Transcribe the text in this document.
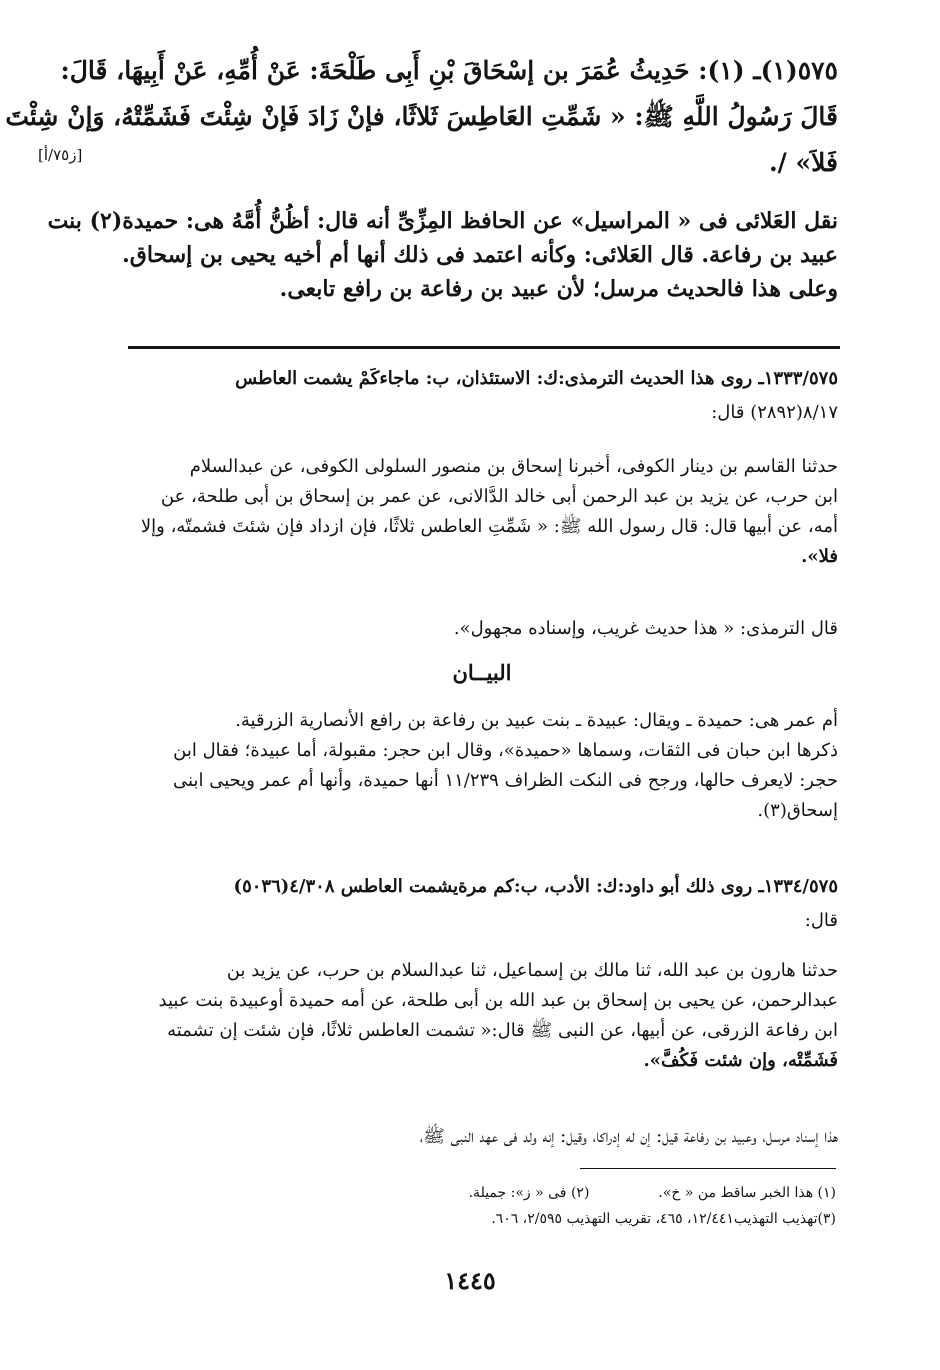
٥٧٥(١)ـ (١): حَدِيثُ عُمَرَ بن إسْحَاقَ بْنِ أَبِى طَلْحَةَ: عَنْ أُمِّهِ، عَنْ أَبِيهَا، قَالَ:
قَالَ رَسُولُ اللَّهِ ﷺ: « شَمِّتِ العَاطِسَ ثَلاثًا، فإنْ زَادَ فَإنْ شِئْتَ فَشَمِّتْهُ، وَإنْ شِئْتَ
فَلاَ» /.
[ز٧٥/أ]
نقل العَلائى فى « المراسيل» عن الحافظ المِزِّىِّ أنه قال: أظُنُّ أُمَّهُ هى: حميدة(٢) بنت
عبيد بن رفاعة. قال العَلائى: وكأنه اعتمد فى ذلك أنها أم أخيه يحيى بن إسحاق.
وعلى هذا فالحديث مرسل؛ لأن عبيد بن رفاعة بن رافع تابعى.
١٣٣٣/٥٧٥ـ روى هذا الحديث الترمذى:ك: الاستئذان، ب: ماجاءكَمْ يشمت العاطس
٨/١٧(٢٨٩٢) قال:
حدثنا القاسم بن دينار الكوفى، أخبرنا إسحاق بن منصور السلولى الكوفى، عن عبدالسلام
ابن حرب، عن يزيد بن عبد الرحمن أبى خالد الدَّالانى، عن عمر بن إسحاق بن أبى طلحة، عن
أمه، عن أبيها قال: قال رسول الله ﷺ: « شَمِّتِ العاطس ثلاثًا، فإن ازداد فإن شئتَ فشمتّه، وإلا
فلا».
قال الترمذى: « هذا حديث غريب، وإسناده مجهول».
البيــان
أم عمر هى: حميدة ـ ويقال: عبيدة ـ بنت عبيد بن رفاعة بن رافع الأنصارية الزرقية.
ذكرها ابن حبان فى الثقات، وسماها «حميدة»، وقال ابن حجر: مقبولة، أما عبيدة؛ فقال ابن
حجر: لايعرف حالها، ورجح فى النكت الظراف ١١/٢٣٩ أنها حميدة، وأنها أم عمر ويحيى ابنى
إسحاق(٣).
١٣٣٤/٥٧٥ـ روى ذلك أبو داود:ك: الأدب، ب:كم مرةيشمت العاطس ٤/٣٠٨(٥٠٣٦)
قال:
حدثنا هارون بن عبد الله، ثنا مالك بن إسماعيل، ثنا عبدالسلام بن حرب، عن يزيد بن
عبدالرحمن، عن يحيى بن إسحاق بن عبد الله بن أبى طلحة، عن أمه حميدة أوعبيدة بنت عبيد
ابن رفاعة الزرقى، عن أبيها، عن النبى ﷺ قال:« تشمت العاطس ثلاثًا، فإن شئت إن تشمته
فَشَمِّتْه، وإن شئت فَكُفَّ».
هذا إسناد مرسل، وعبيد بن رفاعة قيل: إن له إدراكا، وقيل: إنه ولد فى عهد النبى ﷺ،
(١) هذا الخبر ساقط من « خ».  (٢) فى « ز»: جميلة.
(٣)تهذيب التهذيب١٢/٤٤١، ٤٦٥، تقريب التهذيب ٢/٥٩٥، ٦٠٦.
١٤٤٥
